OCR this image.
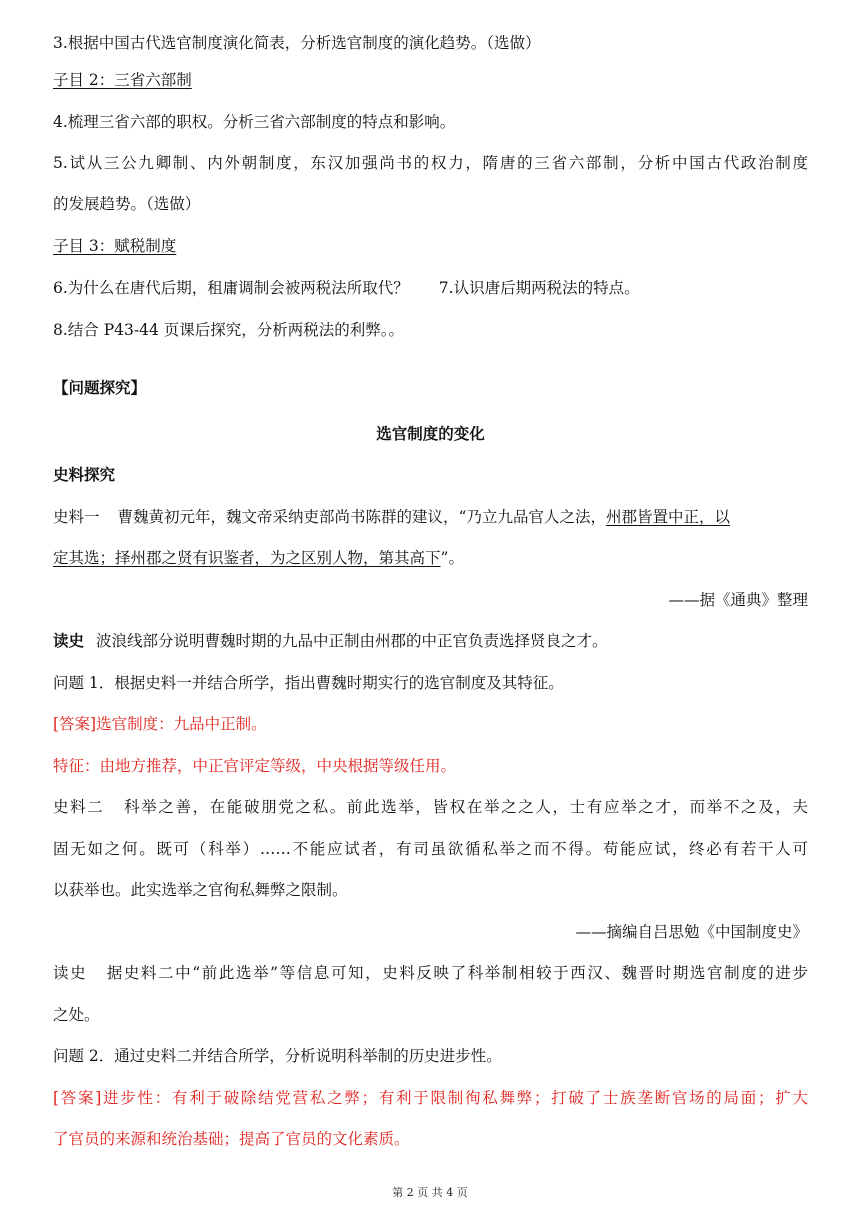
3.根据中国古代选官制度演化简表，分析选官制度的演化趋势。（选做）
子目 2：三省六部制
4.梳理三省六部的职权。分析三省六部制度的特点和影响。
5.试从三公九卿制、内外朝制度，东汉加强尚书的权力，隋唐的三省六部制，分析中国古代政治制度
的发展趋势。（选做）
子目 3：赋税制度
6.为什么在唐代后期，租庸调制会被两税法所取代？ 7.认识唐后期两税法的特点。
8.结合 P43-44 页课后探究，分析两税法的利弊。。
【问题探究】
选官制度的变化
史料探究
史料一 曹魏黄初元年，魏文帝采纳吏部尚书陈群的建议，“乃立九品官人之法，州郡皆置中正，以
定其选；择州郡之贤有识鉴者，为之区别人物，第其高下”。
——据《通典》整理
读史 波浪线部分说明曹魏时期的九品中正制由州郡的中正官负责选择贤良之才。
问题 1．根据史料一并结合所学，指出曹魏时期实行的选官制度及其特征。
[答案]选官制度：九品中正制。
特征：由地方推荐，中正官评定等级，中央根据等级任用。
史料二 科举之善，在能破朋党之私。前此选举，皆权在举之之人，士有应举之才，而举不之及，夫
固无如之何。既可（科举）……不能应试者，有司虽欲循私举之而不得。苟能应试，终必有若干人可
以获举也。此实选举之官徇私舞弊之限制。
——摘编自吕思勉《中国制度史》
读史 据史料二中“前此选举”等信息可知，史料反映了科举制相较于西汉、魏晋时期选官制度的进步
之处。
问题 2．通过史料二并结合所学，分析说明科举制的历史进步性。
[答案]进步性：有利于破除结党营私之弊；有利于限制徇私舞弊；打破了士族垄断官场的局面；扩大
了官员的来源和统治基础；提高了官员的文化素质。
第 2 页 共 4 页
